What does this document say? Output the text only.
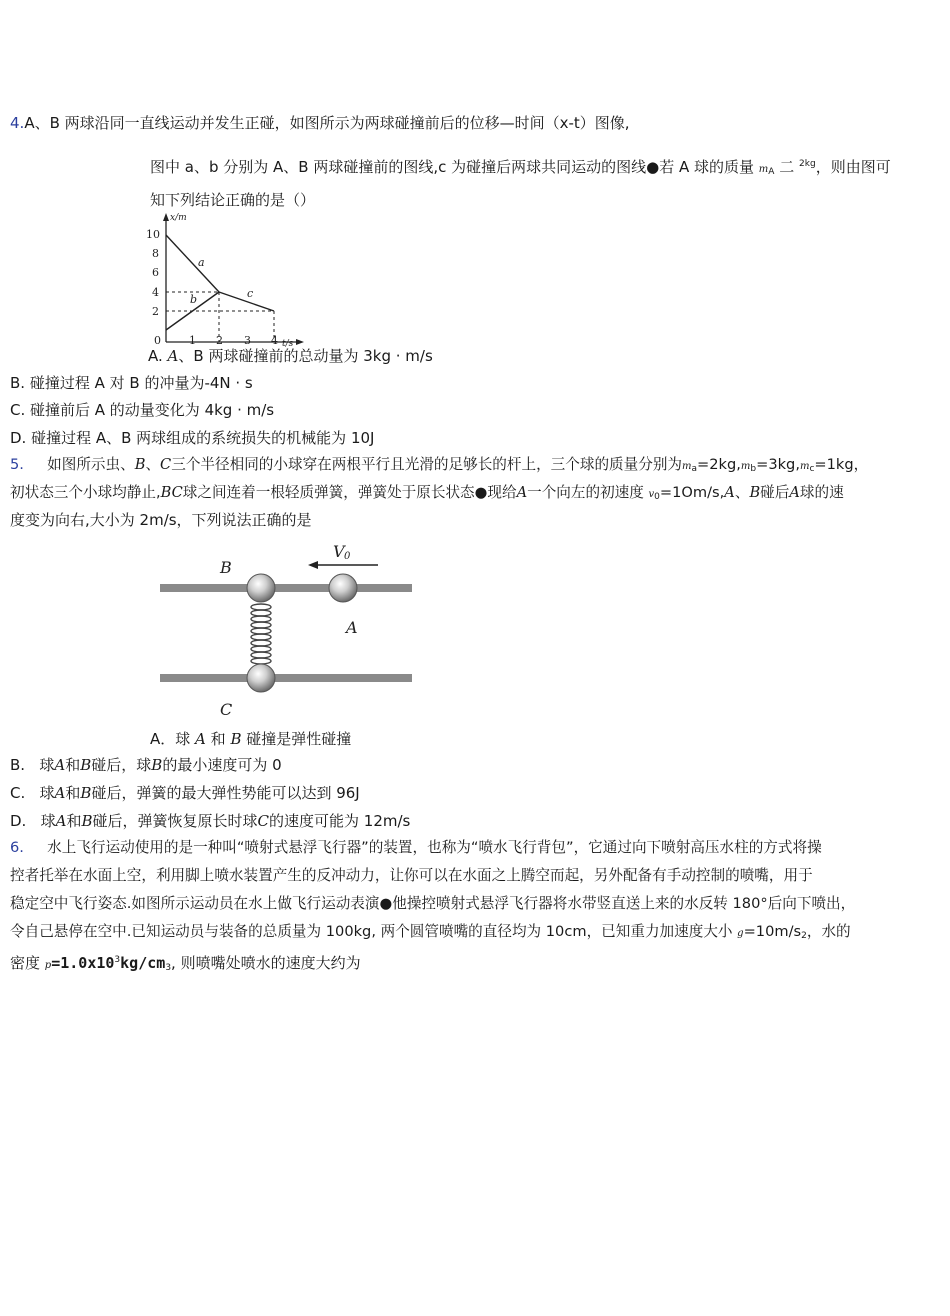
4.A、B 两球沿同一直线运动并发生正碰，如图所示为两球碰撞前后的位移—时间（x-t）图像,
图中 a、b 分别为 A、B 两球碰撞前的图线,c 为碰撞后两球共同运动的图线●若 A 球的质量 $m_A$ 二 $^{2kg}$，则由图可
知下列结论正确的是（）
10
8
6
4
2
0	1 2 3 4
x/m
t/s
a
b	c
A. A、B 两球碰撞前的总动量为 3kg · m/s
B. 碰撞过程 A 对 B 的冲量为-4N · s
C. 碰撞前后 A 的动量变化为 4kg · m/s
D. 碰撞过程 A、B 两球组成的系统损失的机械能为 10J
5.     如图所示虫、B、C三个半径相同的小球穿在两根平行且光滑的足够长的杆上，三个球的质量分别为$m_a=2kg,m_b=3kg,m_c=1kg$，
初状态三个小球均静止,BC球之间连着一根轻质弹簧，弹簧处于原长状态●现给A一个向左的初速度 $v_0=1Om/s,A$、B碰后A球的速
度变为向右,大小为 2m/s，下列说法正确的是
B
A
C
V 0
A．球 A 和 B 碰撞是弹性碰撞
B.   球A和B碰后，球B的最小速度可为 0
C.   球A和B碰后，弹簧的最大弹性势能可以达到 96J
D.   球A和B碰后，弹簧恢复原长时球C的速度可能为 12m/s
6.     水上飞行运动使用的是一种叫“喷射式悬浮飞行器”的装置，也称为“喷水飞行背包”，它通过向下喷射高压水柱的方式将操
控者托举在水面上空，利用脚上喷水装置产生的反冲动力，让你可以在水面之上腾空而起，另外配备有手动控制的喷嘴，用于
稳定空中飞行姿态.如图所示运动员在水上做飞行运动表演●他操控喷射式悬浮飞行器将水带竖直送上来的水反转 180°后向下喷出，
令自己悬停在空中.已知运动员与装备的总质量为 100kg, 两个圆管喷嘴的直径均为 10cm，已知重力加速度大小 $g=10m/s_2$，水的
密度 $p=1.0x10^3kg/cm_3$, 则喷嘴处喷水的速度大约为
